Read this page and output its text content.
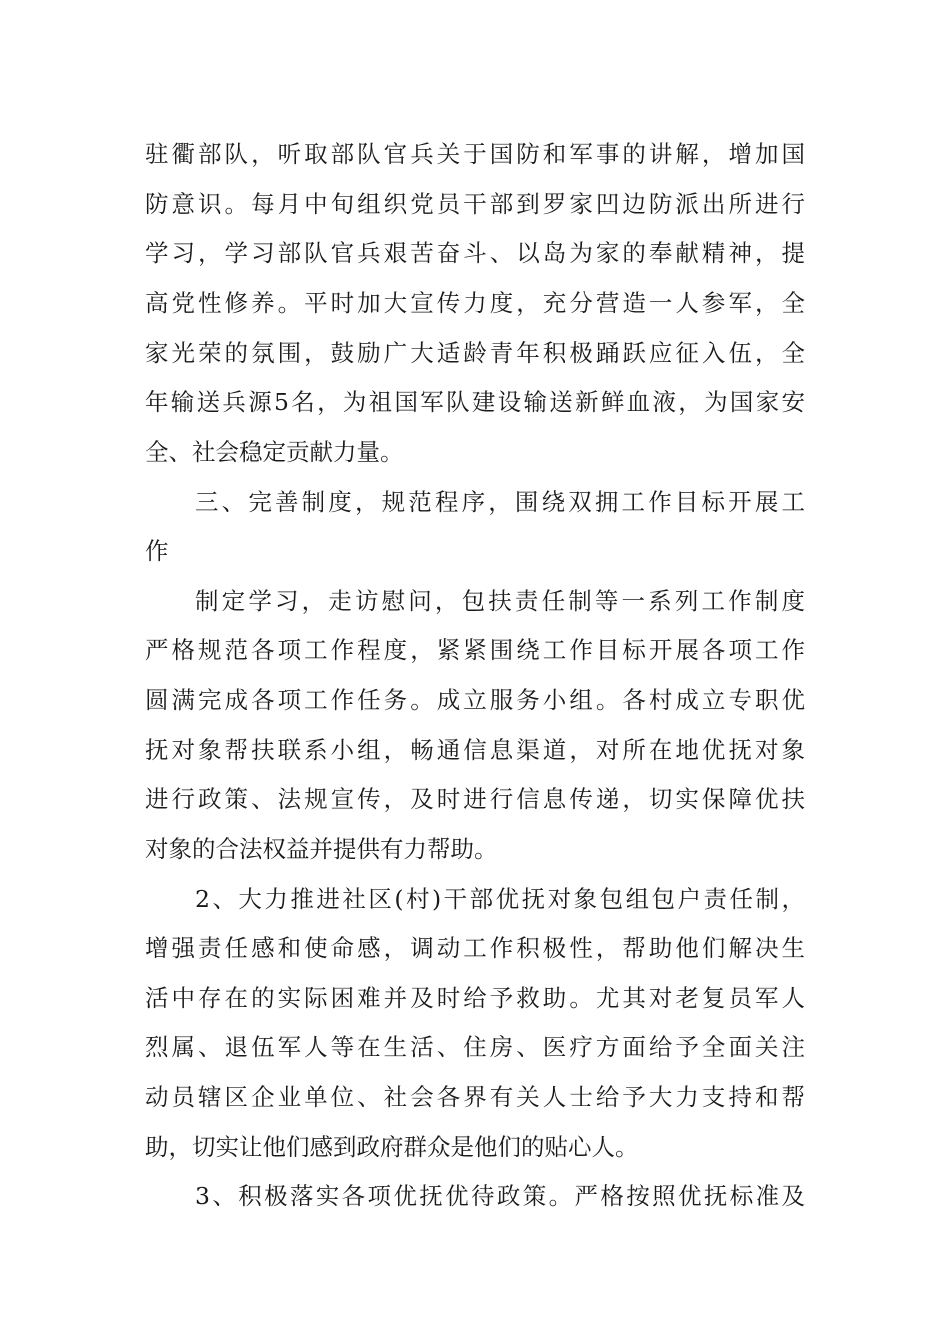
驻衢部队，听取部队官兵关于国防和军事的讲解，增加国
防意识。每月中旬组织党员干部到罗家凹边防派出所进行
学习，学习部队官兵艰苦奋斗、以岛为家的奉献精神，提
高党性修养。平时加大宣传力度，充分营造一人参军，全
家光荣的氛围，鼓励广大适龄青年积极踊跃应征入伍，全
年输送兵源5名，为祖国军队建设输送新鲜血液，为国家安
全、社会稳定贡献力量。
三、完善制度，规范程序，围绕双拥工作目标开展工
作
制定学习，走访慰问，包扶责任制等一系列工作制度
严格规范各项工作程度，紧紧围绕工作目标开展各项工作
圆满完成各项工作任务。成立服务小组。各村成立专职优
抚对象帮扶联系小组，畅通信息渠道，对所在地优抚对象
进行政策、法规宣传，及时进行信息传递，切实保障优扶
对象的合法权益并提供有力帮助。
2、大力推进社区(村)干部优抚对象包组包户责任制，
增强责任感和使命感，调动工作积极性，帮助他们解决生
活中存在的实际困难并及时给予救助。尤其对老复员军人
烈属、退伍军人等在生活、住房、医疗方面给予全面关注
动员辖区企业单位、社会各界有关人士给予大力支持和帮
助，切实让他们感到政府群众是他们的贴心人。
3、积极落实各项优抚优待政策。严格按照优抚标准及
